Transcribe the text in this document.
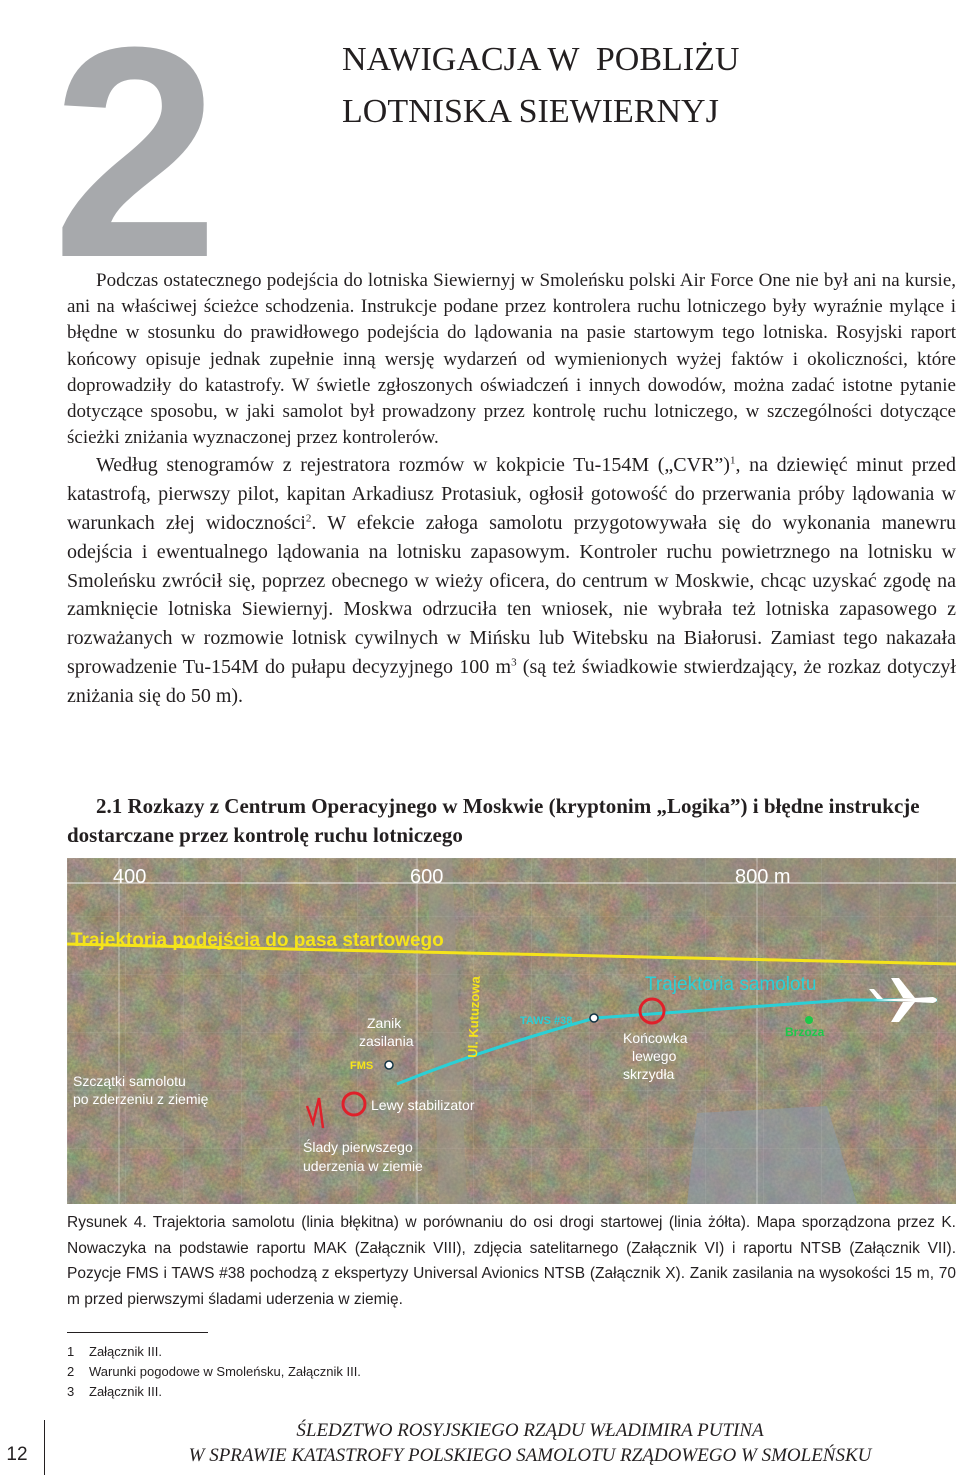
2	NAWIGACJA W  POBLIŻU
LOTNISKA SIEWIERNYJ

Podczas ostatecznego podejścia do lotniska Siewiernyj w Smoleńsku polski Air Force One nie był ani na kursie, ani na właściwej ścieżce schodzenia. Instrukcje podane przez kontrolera ruchu lotniczego były wyraźnie mylące i błędne w stosunku do prawidłowego podejścia do lądowania na pasie startowym tego lotniska. Rosyjski raport końcowy opisuje jednak zupełnie inną wersję wydarzeń od wymienionych wyżej faktów i okoliczności, które doprowadziły do katastrofy. W świetle zgłoszonych oświadczeń i innych dowodów, można zadać istotne pytanie dotyczące sposobu, w jaki samolot był prowadzony przez kontrolę ruchu lotniczego, w szczególności dotyczące ścieżki zniżania wyznaczonej przez kontrolerów.

Według stenogramów z rejestratora rozmów w kokpicie Tu-154M („CVR”)$^1$, na dziewięć minut przed katastrofą, pierwszy pilot, kapitan Arkadiusz Protasiuk, ogłosił gotowość do przerwania próby lądowania w warunkach złej widoczności$^2$. W efekcie załoga samolotu przygotowywała się do wykonania manewru odejścia i ewentualnego lądowania na lotnisku zapasowym. Kontroler ruchu powietrznego na lotnisku w Smoleńsku zwrócił się, poprzez obecnego w wieży oficera, do centrum w Moskwie, chcąc uzyskać zgodę na zamknięcie lotniska Siewiernyj. Moskwa odrzuciła ten wniosek, nie wybrała też lotniska zapasowego z rozważanych w rozmowie lotnisk cywilnych w Mińsku lub Witebsku na Białorusi. Zamiast tego nakazała sprowadzenie Tu-154M do pułapu decyzyjnego 100 $m^3$ (są też świadkowie stwierdzający, że rozkaz dotyczył zniżania się do 50 m).

2.1 Rozkazy z Centrum Operacyjnego w Moskwie (kryptonim „Logika”) i błędne instrukcje dostarczane przez kontrolę ruchu lotniczego
400	600	800 m
Trajektoria podejścia do pasa startowego
Trajektoria samolotu
Ul. Kutuzowa	TAWS #38
FMS
Brzoza
Zanik
zasilania	Końcowka
lewego
skrzydła
Lewy stabilizator
Szczątki samolotu
po zderzeniu z ziemię
Ślady pierwszego
uderzenia w ziemie

Rysunek 4. Trajektoria samolotu (linia błękitna) w porównaniu do osi drogi startowej (linia żółta). Mapa sporządzona przez K. Nowaczyka na podstawie raportu MAK (Załącznik VIII), zdjęcia satelitarnego (Załącznik VI) i raportu NTSB (Załącznik VII). Pozycje FMS i TAWS #38 pochodzą z ekspertyzy Universal Avionics NTSB (Załącznik X). Zanik zasilania na wysokości 15 m, 70 m przed pierwszymi śladami uderzenia w ziemię.

1 Załącznik III.
2 Warunki pogodowe w Smoleńsku, Załącznik III.
3 Załącznik III.
12
ŚLEDZTWO ROSYJSKIEGO RZĄDU WŁADIMIRA PUTINA
W SPRAWIE KATASTROFY POLSKIEGO SAMOLOTU RZĄDOWEGO W SMOLEŃSKU
